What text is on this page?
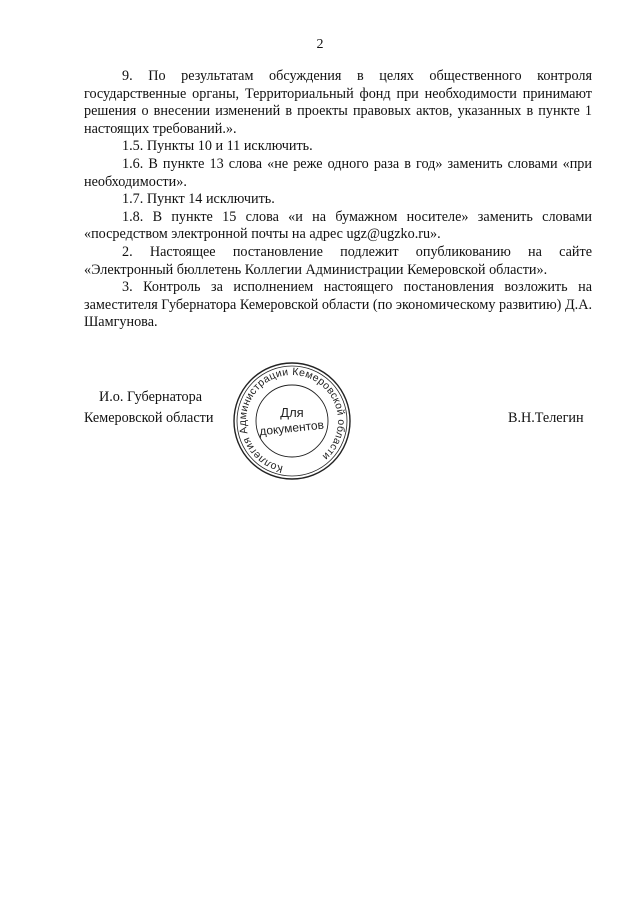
2

9. По результатам обсуждения в целях общественного контроля государственные органы, Территориальный фонд при необходимости принимают решения о внесении изменений в проекты правовых актов, указанных в пункте 1 настоящих требований.».

1.5. Пункты 10 и 11 исключить.

1.6. В пункте 13 слова «не реже одного раза в год» заменить словами «при необходимости».

1.7. Пункт 14 исключить.

1.8. В пункте 15 слова «и на бумажном носителе» заменить словами «посредством электронной почты на адрес ugz@ugzko.ru».

2. Настоящее постановление подлежит опубликованию на сайте «Электронный бюллетень Коллегии Администрации Кемеровской области».

3. Контроль за исполнением настоящего постановления возложить на заместителя Губернатора Кемеровской области (по экономическому развитию) Д.А. Шамгунова.

И.о. Губернатора
Кемеровской области	В.Н.Телегин
Коллегия Администрации Кемеровской области
Для
документов
